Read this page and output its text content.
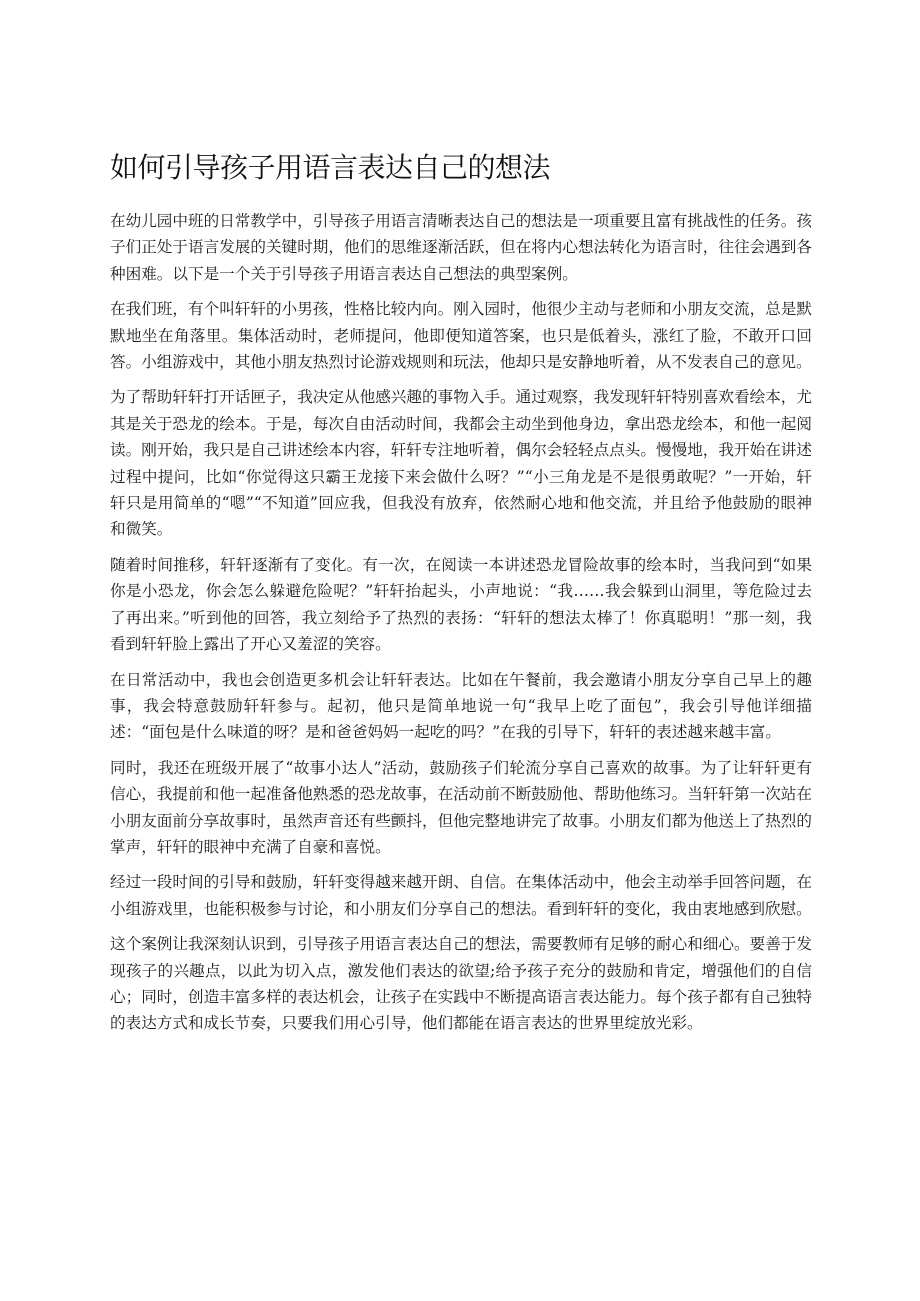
如何引导孩子用语言表达自己的想法

在幼儿园中班的日常教学中，引导孩子用语言清晰表达自己的想法是一项重要且富有挑战性的任务。孩子们正处于语言发展的关键时期，他们的思维逐渐活跃，但在将内心想法转化为语言时，往往会遇到各种困难。以下是一个关于引导孩子用语言表达自己想法的典型案例。

在我们班，有个叫轩轩的小男孩，性格比较内向。刚入园时，他很少主动与老师和小朋友交流，总是默默地坐在角落里。集体活动时，老师提问，他即便知道答案，也只是低着头，涨红了脸，不敢开口回答。小组游戏中，其他小朋友热烈讨论游戏规则和玩法，他却只是安静地听着，从不发表自己的意见。

为了帮助轩轩打开话匣子，我决定从他感兴趣的事物入手。通过观察，我发现轩轩特别喜欢看绘本，尤其是关于恐龙的绘本。于是，每次自由活动时间，我都会主动坐到他身边，拿出恐龙绘本，和他一起阅读。刚开始，我只是自己讲述绘本内容，轩轩专注地听着，偶尔会轻轻点点头。慢慢地，我开始在讲述过程中提问，比如“你觉得这只霸王龙接下来会做什么呀？”“小三角龙是不是很勇敢呢？”一开始，轩轩只是用简单的“嗯”“不知道”回应我，但我没有放弃，依然耐心地和他交流，并且给予他鼓励的眼神和微笑。

随着时间推移，轩轩逐渐有了变化。有一次，在阅读一本讲述恐龙冒险故事的绘本时，当我问到“如果你是小恐龙，你会怎么躲避危险呢？”轩轩抬起头，小声地说：“我……我会躲到山洞里，等危险过去了再出来。”听到他的回答，我立刻给予了热烈的表扬：“轩轩的想法太棒了！你真聪明！”那一刻，我看到轩轩脸上露出了开心又羞涩的笑容。

在日常活动中，我也会创造更多机会让轩轩表达。比如在午餐前，我会邀请小朋友分享自己早上的趣事，我会特意鼓励轩轩参与。起初，他只是简单地说一句“我早上吃了面包”，我会引导他详细描述：“面包是什么味道的呀？是和爸爸妈妈一起吃的吗？”在我的引导下，轩轩的表述越来越丰富。

同时，我还在班级开展了“故事小达人”活动，鼓励孩子们轮流分享自己喜欢的故事。为了让轩轩更有信心，我提前和他一起准备他熟悉的恐龙故事，在活动前不断鼓励他、帮助他练习。当轩轩第一次站在小朋友面前分享故事时，虽然声音还有些颤抖，但他完整地讲完了故事。小朋友们都为他送上了热烈的掌声，轩轩的眼神中充满了自豪和喜悦。

经过一段时间的引导和鼓励，轩轩变得越来越开朗、自信。在集体活动中，他会主动举手回答问题，在小组游戏里，也能积极参与讨论，和小朋友们分享自己的想法。看到轩轩的变化，我由衷地感到欣慰。

这个案例让我深刻认识到，引导孩子用语言表达自己的想法，需要教师有足够的耐心和细心。要善于发现孩子的兴趣点，以此为切入点，激发他们表达的欲望;给予孩子充分的鼓励和肯定，增强他们的自信心；同时，创造丰富多样的表达机会，让孩子在实践中不断提高语言表达能力。每个孩子都有自己独特的表达方式和成长节奏，只要我们用心引导，他们都能在语言表达的世界里绽放光彩。
